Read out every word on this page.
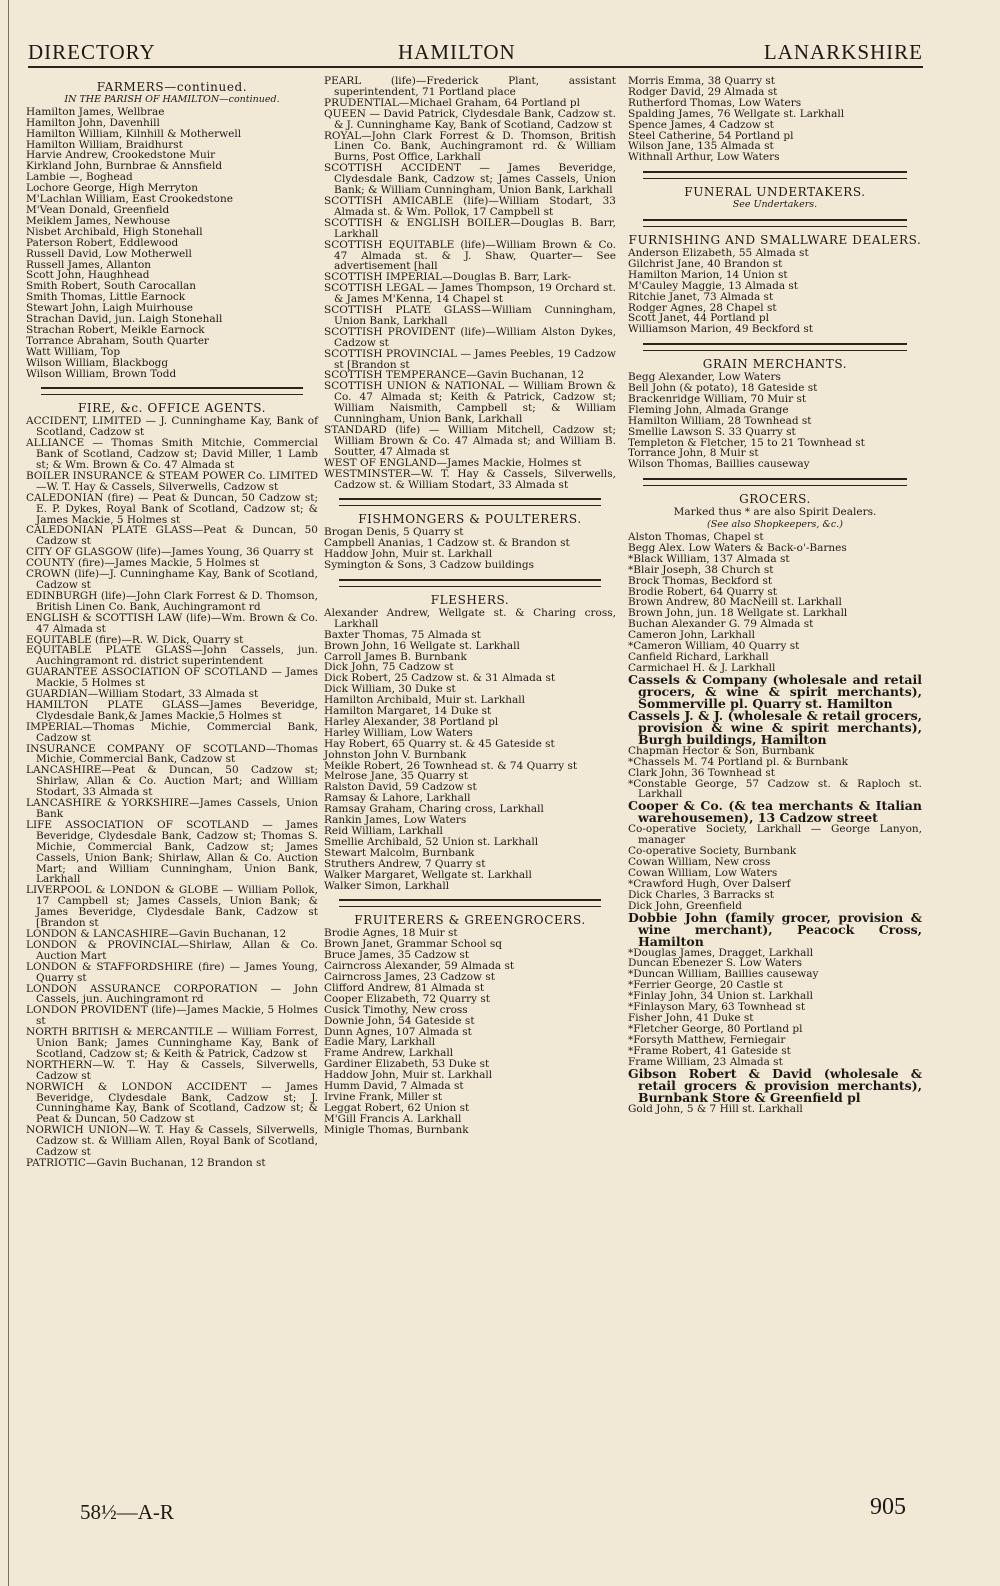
DIRECTORY	HAMILTON	LANARKSHIRE
FARMERS—continued.
IN THE PARISH OF HAMILTON—continued.
Hamilton James, Wellbrae
Hamilton John, Davenhill
Hamilton William, Kilnhill & Motherwell
Hamilton William, Braidhurst
Harvie Andrew, Crookedstone Muir
Kirkland John, Burnbrae & Annsfield
Lambie —, Boghead
Lochore George, High Merryton
M'Lachlan William, East Crookedstone
M'Vean Donald, Greenfield
Meiklem James, Newhouse
Nisbet Archibald, High Stonehall
Paterson Robert, Eddlewood
Russell David, Low Motherwell
Russell James, Allanton
Scott John, Haughhead
Smith Robert, South Carocallan
Smith Thomas, Little Earnock
Stewart John, Laigh Muirhouse
Strachan David, jun. Laigh Stonehall
Strachan Robert, Meikle Earnock
Torrance Abraham, South Quarter
Watt William, Top
Wilson William, Blackbogg
Wilson William, Brown Todd
FIRE, &c. OFFICE AGENTS.
ACCIDENT, LIMITED — J. Cunninghame Kay, Bank of Scotland, Cadzow st
ALLIANCE — Thomas Smith Mitchie, Commercial Bank of Scotland, Cadzow st; David Miller, 1 Lamb st; & Wm. Brown & Co. 47 Almada st
BOILER INSURANCE & STEAM POWER Co. LIMITED—W. T. Hay & Cassels, Silverwells, Cadzow st
CALEDONIAN (fire) — Peat & Duncan, 50 Cadzow st; E. P. Dykes, Royal Bank of Scotland, Cadzow st; & James Mackie, 5 Holmes st
CALEDONIAN PLATE GLASS—Peat & Duncan, 50 Cadzow st
CITY OF GLASGOW (life)—James Young, 36 Quarry st
COUNTY (fire)—James Mackie, 5 Holmes st
CROWN (life)—J. Cunninghame Kay, Bank of Scotland, Cadzow st
EDINBURGH (life)—John Clark Forrest & D. Thomson, British Linen Co. Bank, Auchingramont rd
ENGLISH & SCOTTISH LAW (life)—Wm. Brown & Co. 47 Almada st
EQUITABLE (fire)—R. W. Dick, Quarry st
EQUITABLE PLATE GLASS—John Cassels, jun. Auchingramont rd. district superintendent
GUARANTEE ASSOCIATION OF SCOTLAND — James Mackie, 5 Holmes st
GUARDIAN—William Stodart, 33 Almada st
HAMILTON PLATE GLASS—James Beveridge, Clydesdale Bank,& James Mackie,5 Holmes st
IMPERIAL—Thomas Michie, Commercial Bank, Cadzow st
INSURANCE COMPANY OF SCOTLAND—Thomas Michie, Commercial Bank, Cadzow st
LANCASHIRE—Peat & Duncan, 50 Cadzow st; Shirlaw, Allan & Co. Auction Mart; and William Stodart, 33 Almada st
LANCASHIRE & YORKSHIRE—James Cassels, Union Bank
LIFE ASSOCIATION OF SCOTLAND — James Beveridge, Clydesdale Bank, Cadzow st; Thomas S. Michie, Commercial Bank, Cadzow st; James Cassels, Union Bank; Shirlaw, Allan & Co. Auction Mart; and William Cunningham, Union Bank, Larkhall
LIVERPOOL & LONDON & GLOBE — William Pollok, 17 Campbell st; James Cassels, Union Bank; & James Beveridge, Clydesdale Bank, Cadzow st [Brandon st
LONDON & LANCASHIRE—Gavin Buchanan, 12
LONDON & PROVINCIAL—Shirlaw, Allan & Co. Auction Mart
LONDON & STAFFORDSHIRE (fire) — James Young, Quarry st
LONDON ASSURANCE CORPORATION — John Cassels, jun. Auchingramont rd
LONDON PROVIDENT (life)—James Mackie, 5 Holmes st
NORTH BRITISH & MERCANTILE — William Forrest, Union Bank; James Cunninghame Kay, Bank of Scotland, Cadzow st; & Keith & Patrick, Cadzow st
NORTHERN—W. T. Hay & Cassels, Silverwells, Cadzow st
NORWICH & LONDON ACCIDENT — James Beveridge, Clydesdale Bank, Cadzow st; J. Cunninghame Kay, Bank of Scotland, Cadzow st; & Peat & Duncan, 50 Cadzow st
NORWICH UNION—W. T. Hay & Cassels, Silverwells, Cadzow st. & William Allen, Royal Bank of Scotland, Cadzow st
PATRIOTIC—Gavin Buchanan, 12 Brandon st
PEARL (life)—Frederick Plant, assistant superintendent, 71 Portland place
PRUDENTIAL—Michael Graham, 64 Portland pl
QUEEN — David Patrick, Clydesdale Bank, Cadzow st. & J. Cunninghame Kay, Bank of Scotland, Cadzow st
ROYAL—John Clark Forrest & D. Thomson, British Linen Co. Bank, Auchingramont rd. & William Burns, Post Office, Larkhall
SCOTTISH ACCIDENT — James Beveridge, Clydesdale Bank, Cadzow st; James Cassels, Union Bank; & William Cunningham, Union Bank, Larkhall
SCOTTISH AMICABLE (life)—William Stodart, 33 Almada st. & Wm. Pollok, 17 Campbell st
SCOTTISH & ENGLISH BOILER—Douglas B. Barr, Larkhall
SCOTTISH EQUITABLE (life)—William Brown & Co. 47 Almada st. & J. Shaw, Quarter— See advertisement [hall
SCOTTISH IMPERIAL—Douglas B. Barr, Lark-
SCOTTISH LEGAL — James Thompson, 19 Orchard st. & James M'Kenna, 14 Chapel st
SCOTTISH PLATE GLASS—William Cunningham, Union Bank, Larkhall
SCOTTISH PROVIDENT (life)—William Alston Dykes, Cadzow st
SCOTTISH PROVINCIAL — James Peebles, 19 Cadzow st [Brandon st
SCOTTISH TEMPERANCE—Gavin Buchanan, 12
SCOTTISH UNION & NATIONAL — William Brown & Co. 47 Almada st; Keith & Patrick, Cadzow st; William Naismith, Campbell st; & William Cunningham, Union Bank, Larkhall
STANDARD (life) — William Mitchell, Cadzow st; William Brown & Co. 47 Almada st; and William B. Soutter, 47 Almada st
WEST OF ENGLAND—James Mackie, Holmes st
WESTMINSTER—W. T. Hay & Cassels, Silverwells, Cadzow st. & William Stodart, 33 Almada st
FISHMONGERS & POULTERERS.
Brogan Denis, 5 Quarry st
Campbell Ananias, 1 Cadzow st. & Brandon st
Haddow John, Muir st. Larkhall
Symington & Sons, 3 Cadzow buildings
FLESHERS.
Alexander Andrew, Wellgate st. & Charing cross, Larkhall
Baxter Thomas, 75 Almada st
Brown John, 16 Wellgate st. Larkhall
Carroll James B. Burnbank
Dick John, 75 Cadzow st
Dick Robert, 25 Cadzow st. & 31 Almada st
Dick William, 30 Duke st
Hamilton Archibald, Muir st. Larkhall
Hamilton Margaret, 14 Duke st
Harley Alexander, 38 Portland pl
Harley William, Low Waters
Hay Robert, 65 Quarry st. & 45 Gateside st
Johnston John V. Burnbank
Meikle Robert, 26 Townhead st. & 74 Quarry st
Melrose Jane, 35 Quarry st
Ralston David, 59 Cadzow st
Ramsay & Lahore, Larkhall
Ramsay Graham, Charing cross, Larkhall
Rankin James, Low Waters
Reid William, Larkhall
Smellie Archibald, 52 Union st. Larkhall
Stewart Malcolm, Burnbank
Struthers Andrew, 7 Quarry st
Walker Margaret, Wellgate st. Larkhall
Walker Simon, Larkhall
FRUITERERS & GREENGROCERS.
Brodie Agnes, 18 Muir st
Brown Janet, Grammar School sq
Bruce James, 35 Cadzow st
Cairncross Alexander, 59 Almada st
Cairncross James, 23 Cadzow st
Clifford Andrew, 81 Almada st
Cooper Elizabeth, 72 Quarry st
Cusick Timothy, New cross
Downie John, 54 Gateside st
Dunn Agnes, 107 Almada st
Eadie Mary, Larkhall
Frame Andrew, Larkhall
Gardiner Elizabeth, 53 Duke st
Haddow John, Muir st. Larkhall
Humm David, 7 Almada st
Irvine Frank, Miller st
Leggat Robert, 62 Union st
M'Gill Francis A. Larkhall
Minigle Thomas, Burnbank
Morris Emma, 38 Quarry st
Rodger David, 29 Almada st
Rutherford Thomas, Low Waters
Spalding James, 76 Wellgate st. Larkhall
Spence James, 4 Cadzow st
Steel Catherine, 54 Portland pl
Wilson Jane, 135 Almada st
Withnall Arthur, Low Waters
FUNERAL UNDERTAKERS.
See Undertakers.
FURNISHING AND SMALLWARE DEALERS.
Anderson Elizabeth, 55 Almada st
Gilchrist Jane, 40 Brandon st
Hamilton Marion, 14 Union st
M'Cauley Maggie, 13 Almada st
Ritchie Janet, 73 Almada st
Rodger Agnes, 28 Chapel st
Scott Janet, 44 Portland pl
Williamson Marion, 49 Beckford st
GRAIN MERCHANTS.
Begg Alexander, Low Waters
Bell John (& potato), 18 Gateside st
Brackenridge William, 70 Muir st
Fleming John, Almada Grange
Hamilton William, 28 Townhead st
Smellie Lawson S. 33 Quarry st
Templeton & Fletcher, 15 to 21 Townhead st
Torrance John, 8 Muir st
Wilson Thomas, Baillies causeway
GROCERS.
Marked thus * are also Spirit Dealers.
(See also Shopkeepers, &c.)
Alston Thomas, Chapel st
Begg Alex. Low Waters & Back-o'-Barnes
*Black William, 137 Almada st
*Blair Joseph, 38 Church st
Brock Thomas, Beckford st
Brodie Robert, 64 Quarry st
Brown Andrew, 80 MacNeill st. Larkhall
Brown John, jun. 18 Wellgate st. Larkhall
Buchan Alexander G. 79 Almada st
Cameron John, Larkhall
*Cameron William, 40 Quarry st
Canfield Richard, Larkhall
Carmichael H. & J. Larkhall
Cassels & Company (wholesale and retail grocers, & wine & spirit merchants), Sommerville pl. Quarry st. Hamilton
Cassels J. & J. (wholesale & retail grocers, provision & wine & spirit merchants), Burgh buildings, Hamilton
Chapman Hector & Son, Burnbank
*Chassels M. 74 Portland pl. & Burnbank
Clark John, 36 Townhead st
*Constable George, 57 Cadzow st. & Raploch st. Larkhall
Cooper & Co. (& tea merchants & Italian warehousemen), 13 Cadzow street
Co-operative Society, Larkhall — George Lanyon, manager
Co-operative Society, Burnbank
Cowan William, New cross
Cowan William, Low Waters
*Crawford Hugh, Over Dalserf
Dick Charles, 3 Barracks st
Dick John, Greenfield
Dobbie John (family grocer, provision & wine merchant), Peacock Cross, Hamilton
*Douglas James, Dragget, Larkhall
Duncan Ebenezer S. Low Waters
*Duncan William, Baillies causeway
*Ferrier George, 20 Castle st
*Finlay John, 34 Union st. Larkhall
*Finlayson Mary, 63 Townhead st
Fisher John, 41 Duke st
*Fletcher George, 80 Portland pl
*Forsyth Matthew, Ferniegair
*Frame Robert, 41 Gateside st
Frame William, 23 Almada st
Gibson Robert & David (wholesale & retail grocers & provision merchants), Burnbank Store & Greenfield pl
Gold John, 5 & 7 Hill st. Larkhall
58½—A-R	905
